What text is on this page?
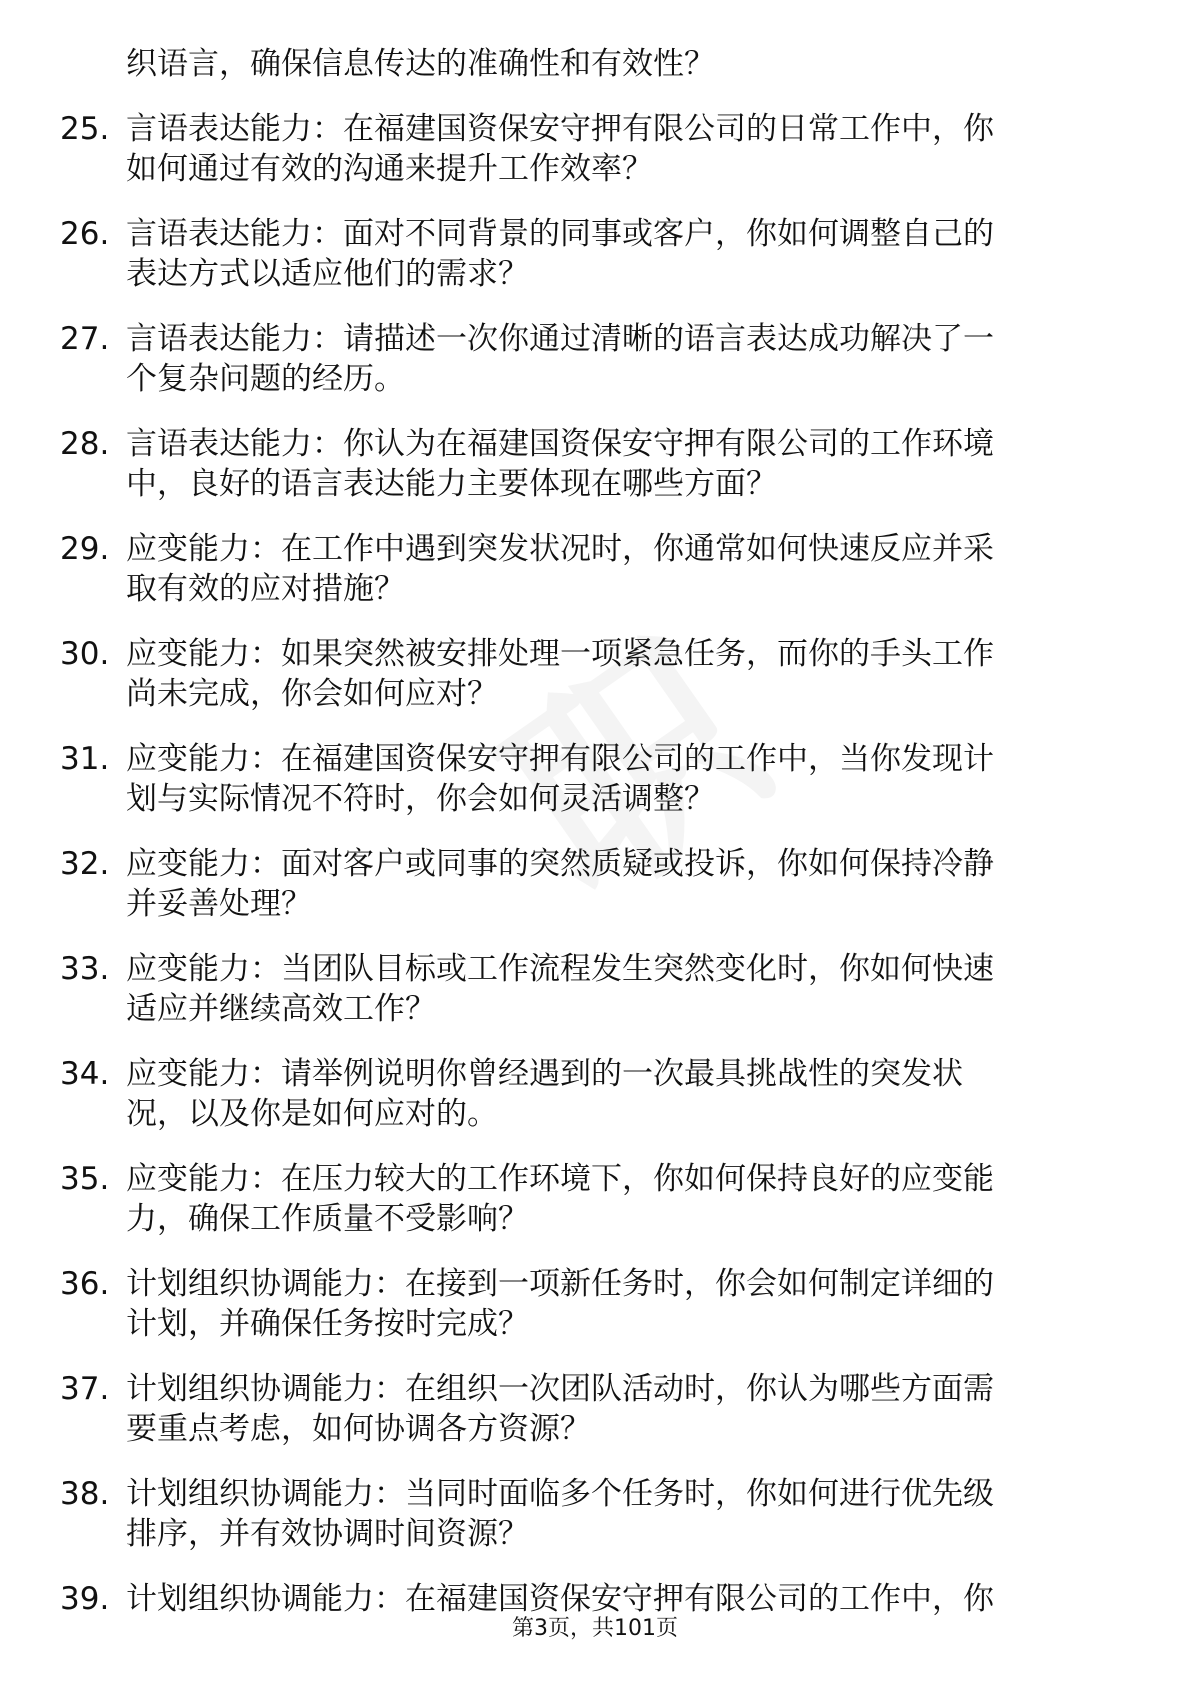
织语言，确保信息传达的准确性和有效性？
25. 言语表达能力：在福建国资保安守押有限公司的日常工作中，你
如何通过有效的沟通来提升工作效率？
26. 言语表达能力：面对不同背景的同事或客户，你如何调整自己的
表达方式以适应他们的需求？
27. 言语表达能力：请描述一次你通过清晰的语言表达成功解决了一
个复杂问题的经历。
28. 言语表达能力：你认为在福建国资保安守押有限公司的工作环境
中，良好的语言表达能力主要体现在哪些方面？
29. 应变能力：在工作中遇到突发状况时，你通常如何快速反应并采
取有效的应对措施？
30. 应变能力：如果突然被安排处理一项紧急任务，而你的手头工作
尚未完成，你会如何应对？
31. 应变能力：在福建国资保安守押有限公司的工作中，当你发现计
划与实际情况不符时，你会如何灵活调整？
32. 应变能力：面对客户或同事的突然质疑或投诉，你如何保持冷静
并妥善处理？
33. 应变能力：当团队目标或工作流程发生突然变化时，你如何快速
适应并继续高效工作？
34. 应变能力：请举例说明你曾经遇到的一次最具挑战性的突发状
况，以及你是如何应对的。
35. 应变能力：在压力较大的工作环境下，你如何保持良好的应变能
力，确保工作质量不受影响？
36. 计划组织协调能力：在接到一项新任务时，你会如何制定详细的
计划，并确保任务按时完成？
37. 计划组织协调能力：在组织一次团队活动时，你认为哪些方面需
要重点考虑，如何协调各方资源？
38. 计划组织协调能力：当同时面临多个任务时，你如何进行优先级
排序，并有效协调时间资源？
39. 计划组织协调能力：在福建国资保安守押有限公司的工作中，你
第3页，共101页
